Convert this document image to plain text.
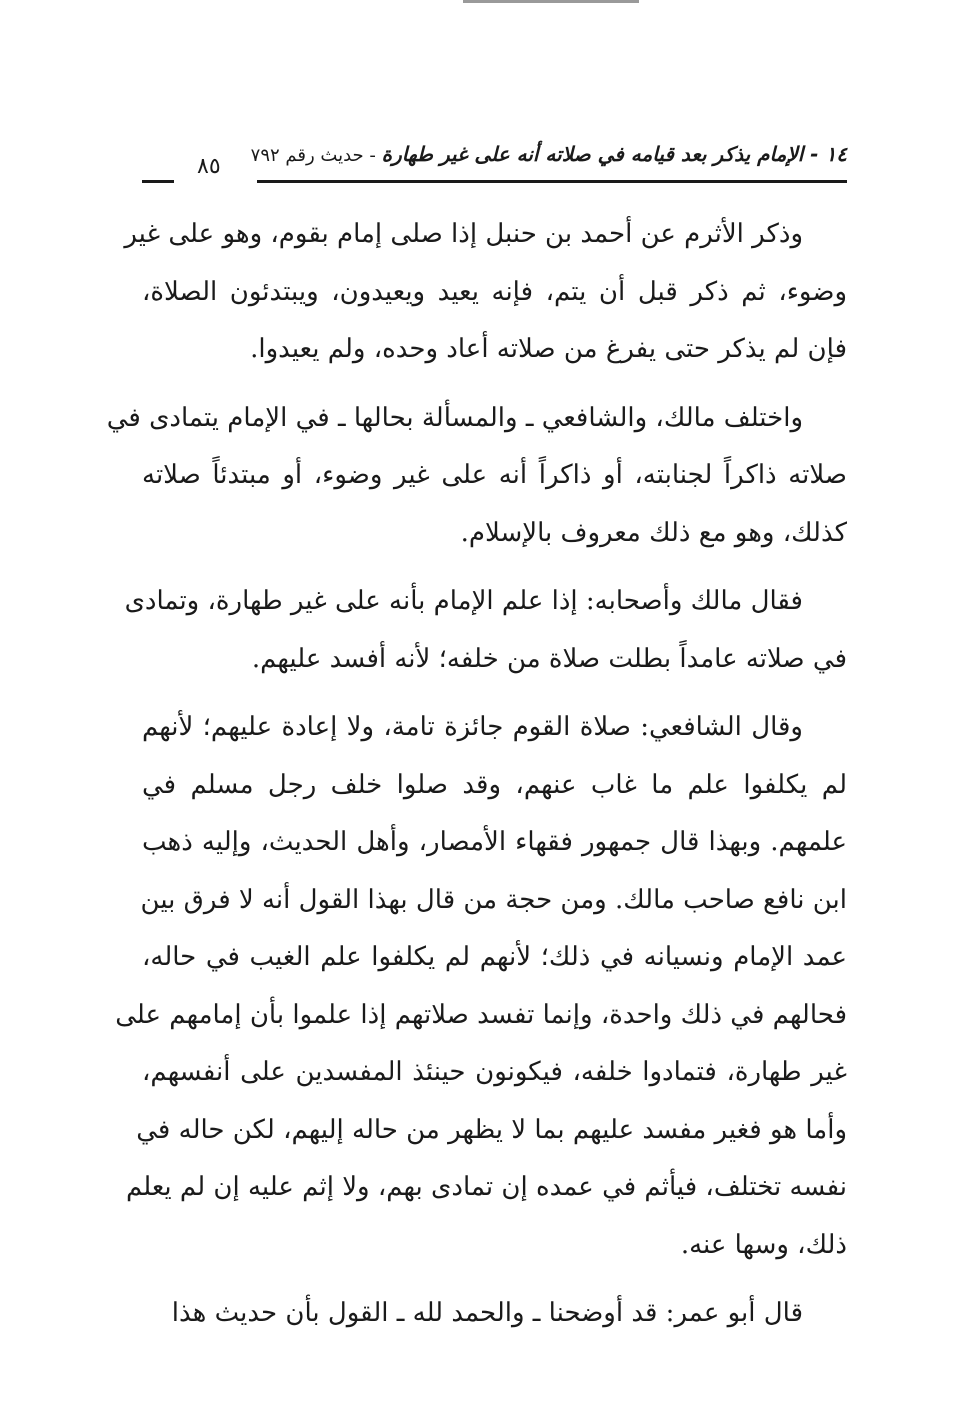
١٤ - الإمام يذكر بعد قيامه في صلاته أنه على غير طهارة - حديث رقم ٧٩٢
٨٥
وذكر الأثرم عن أحمد بن حنبل إذا صلى إمام بقوم، وهو على غير
وضوء، ثم ذكر قبل أن يتم، فإنه يعيد ويعيدون، ويبتدئون الصلاة،
فإن لم يذكر حتى يفرغ من صلاته أعاد وحده، ولم يعيدوا.
واختلف مالك، والشافعي ـ والمسألة بحالها ـ في الإمام يتمادى في
صلاته ذاكراً لجنابته، أو ذاكراً أنه على غير وضوء، أو مبتدئاً صلاته
كذلك، وهو مع ذلك معروف بالإسلام.
فقال مالك وأصحابه: إذا علم الإمام بأنه على غير طهارة، وتمادى
في صلاته عامداً بطلت صلاة من خلفه؛ لأنه أفسد عليهم.
وقال الشافعي: صلاة القوم جائزة تامة، ولا إعادة عليهم؛ لأنهم
لم يكلفوا علم ما غاب عنهم، وقد صلوا خلف رجل مسلم في
علمهم. وبهذا قال جمهور فقهاء الأمصار، وأهل الحديث، وإليه ذهب
ابن نافع صاحب مالك. ومن حجة من قال بهذا القول أنه لا فرق بين
عمد الإمام ونسيانه في ذلك؛ لأنهم لم يكلفوا علم الغيب في حاله،
فحالهم في ذلك واحدة، وإنما تفسد صلاتهم إذا علموا بأن إمامهم على
غير طهارة، فتمادوا خلفه، فيكونون حينئذ المفسدين على أنفسهم،
وأما هو فغير مفسد عليهم بما لا يظهر من حاله إليهم، لكن حاله في
نفسه تختلف، فيأثم في عمده إن تمادى بهم، ولا إثم عليه إن لم يعلم
ذلك، وسها عنه.
قال أبو عمر: قد أوضحنا ـ والحمد لله ـ القول بأن حديث هذا
